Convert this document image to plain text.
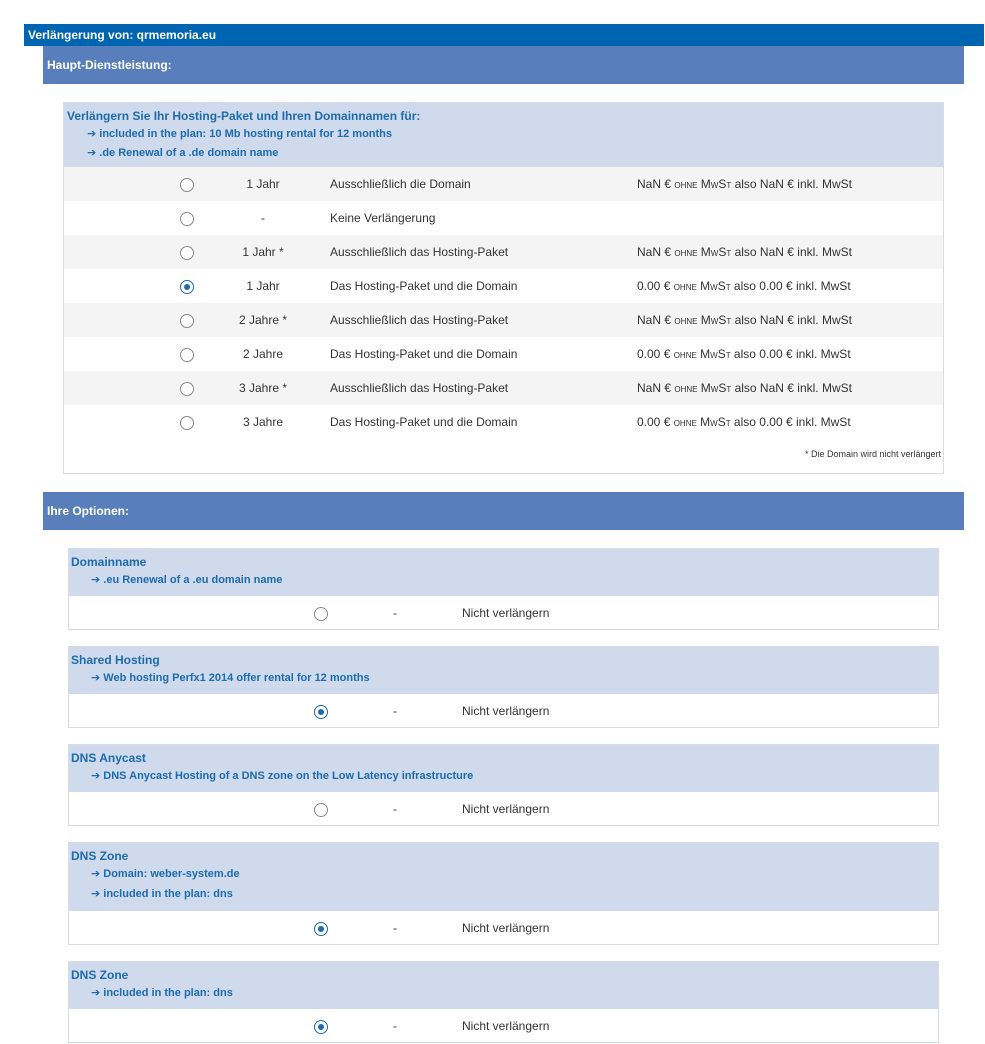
Verlängerung von: qrmemoria.eu
Haupt-Dienstleistung:
Verlängern Sie Ihr Hosting-Paket und Ihren Domainnamen für:
➔ included in the plan: 10 Mb hosting rental for 12 months
➔ .de Renewal of a .de domain name
1 Jahr	Ausschließlich die Domain	NaN € ohne MwSt also NaN € inkl. MwSt
-	Keine Verlängerung
1 Jahr *	Ausschließlich das Hosting-Paket	NaN € ohne MwSt also NaN € inkl. MwSt
1 Jahr	Das Hosting-Paket und die Domain	0.00 € ohne MwSt also 0.00 € inkl. MwSt
2 Jahre *	Ausschließlich das Hosting-Paket	NaN € ohne MwSt also NaN € inkl. MwSt
2 Jahre	Das Hosting-Paket und die Domain	0.00 € ohne MwSt also 0.00 € inkl. MwSt
3 Jahre *	Ausschließlich das Hosting-Paket	NaN € ohne MwSt also NaN € inkl. MwSt
3 Jahre	Das Hosting-Paket und die Domain	0.00 € ohne MwSt also 0.00 € inkl. MwSt
* Die Domain wird nicht verlängert
Ihre Optionen:
Domainname
➔ .eu Renewal of a .eu domain name
-	Nicht verlängern
Shared Hosting
➔ Web hosting Perfx1 2014 offer rental for 12 months
-	Nicht verlängern
DNS Anycast
➔ DNS Anycast Hosting of a DNS zone on the Low Latency infrastructure
-	Nicht verlängern
DNS Zone
➔ Domain: weber-system.de
➔ included in the plan: dns
-	Nicht verlängern
DNS Zone
➔ included in the plan: dns
-	Nicht verlängern
